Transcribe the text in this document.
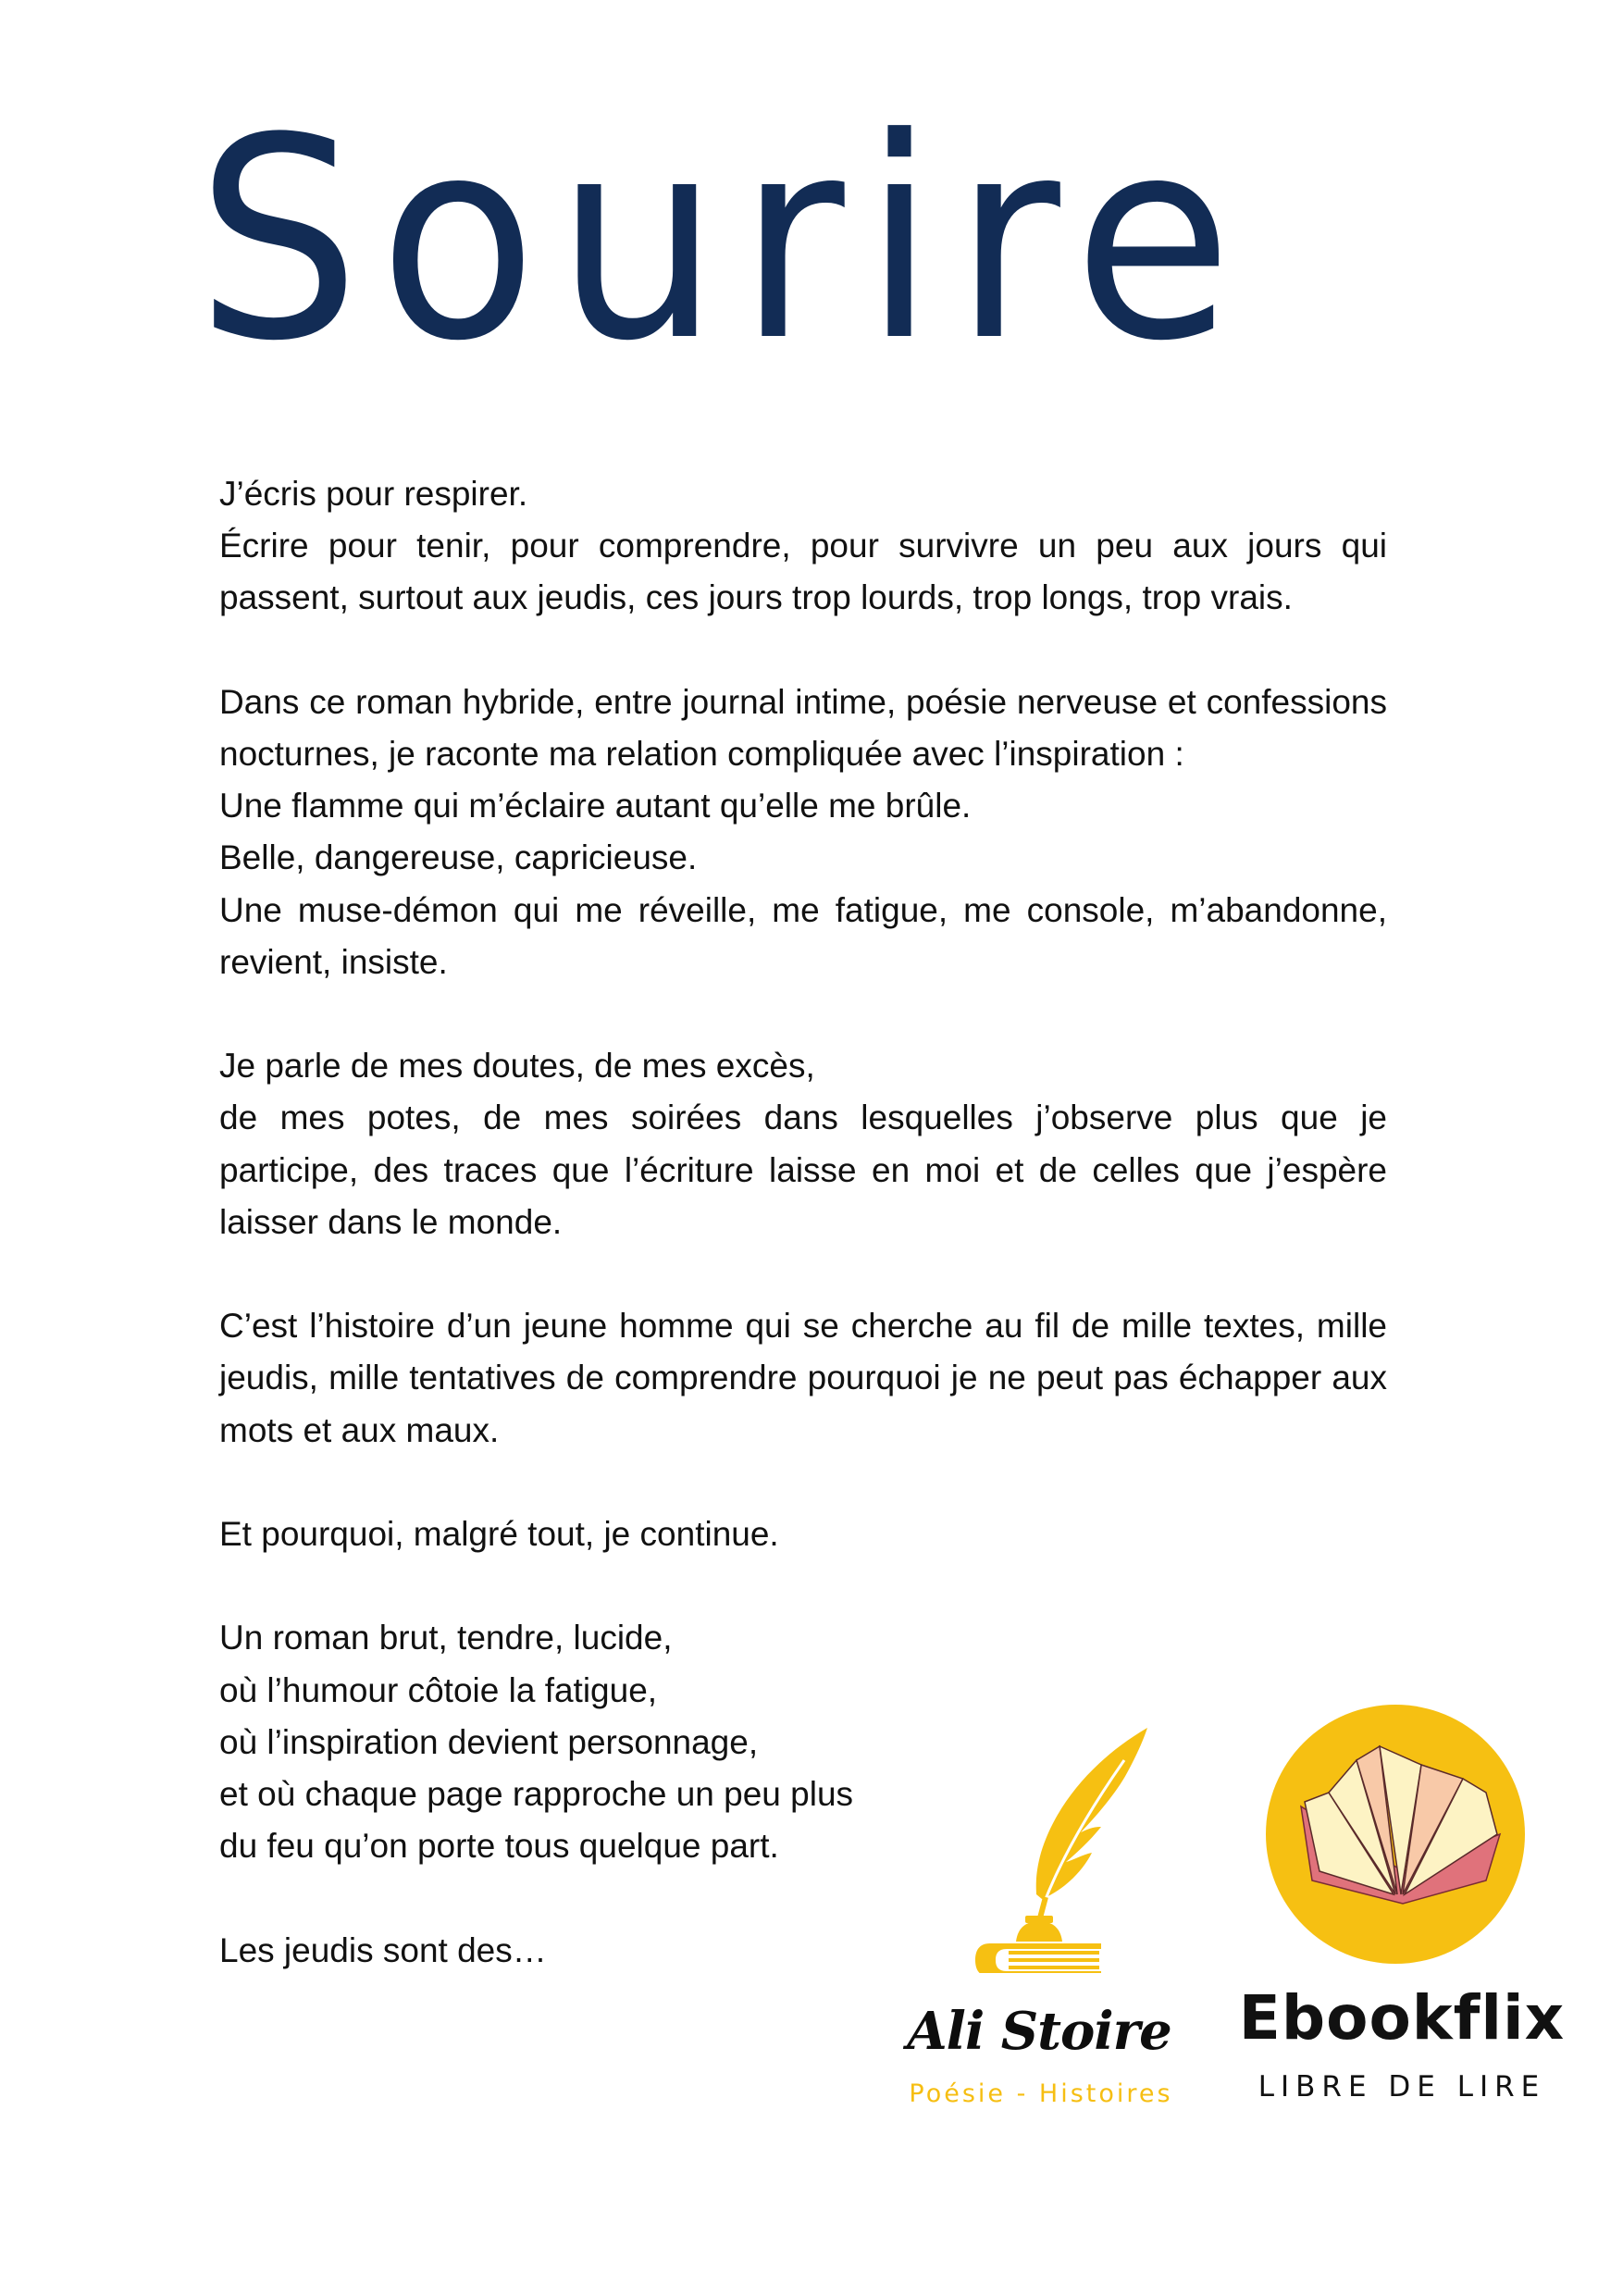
Sourire

J’écris pour respirer.
Écrire pour tenir, pour comprendre, pour survivre un peu aux jours qui passent, surtout aux jeudis, ces jours trop lourds, trop longs, trop vrais.

Dans ce roman hybride, entre journal intime, poésie nerveuse et confessions nocturnes, je raconte ma relation compliquée avec l’inspiration :
Une flamme qui m’éclaire autant qu’elle me brûle.
Belle, dangereuse, capricieuse.
Une muse-démon qui me réveille, me fatigue, me console, m’abandonne, revient, insiste.

Je parle de mes doutes, de mes excès,
de mes potes, de mes soirées dans lesquelles j’observe plus que je participe, des traces que l’écriture laisse en moi et de celles que j’espère laisser dans le monde.

C’est l’histoire d’un jeune homme qui se cherche au fil de mille textes, mille jeudis, mille tentatives de comprendre pourquoi je ne peut pas échapper aux mots et aux maux.

Et pourquoi, malgré tout, je continue.

Un roman brut, tendre, lucide,
où l’humour côtoie la fatigue,
où l’inspiration devient personnage,
et où chaque page rapproche un peu plus
du feu qu’on porte tous quelque part.

Les jeudis sont des…

Ali Stoire
Poésie - Histoires
Ebookflix
LIBRE DE LIRE
